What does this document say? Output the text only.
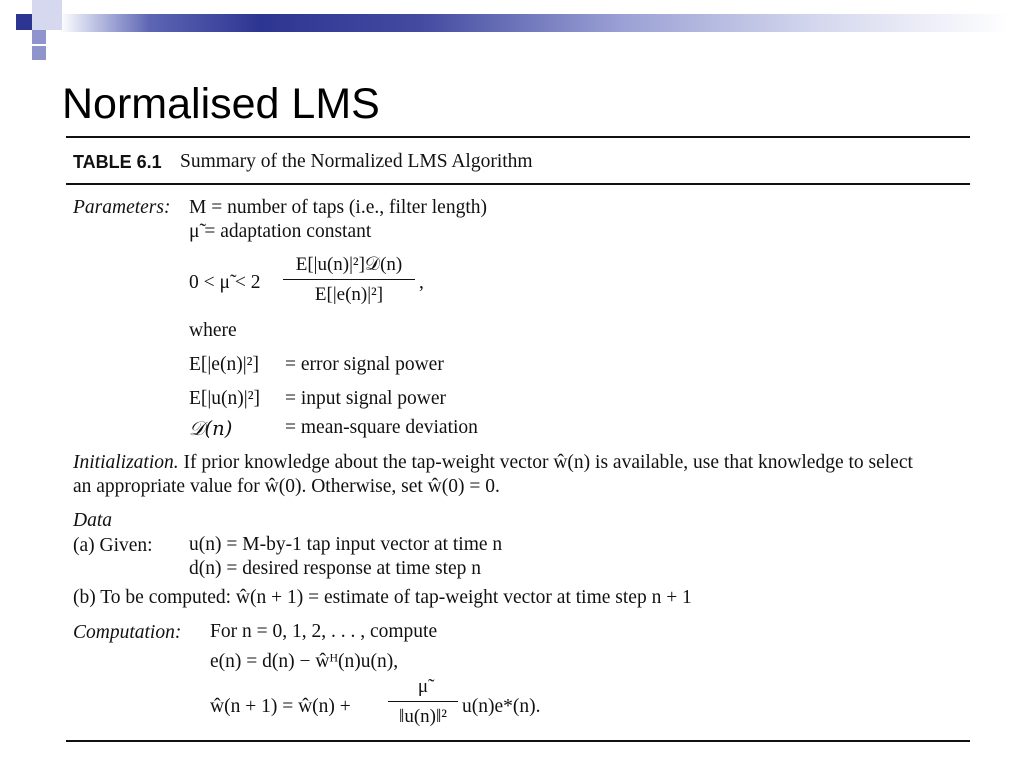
Normalised LMS
TABLE 6.1 Summary of the Normalized LMS Algorithm
Parameters: M = number of taps (i.e., filter length)
μ̃ = adaptation constant
0 < μ̃ < 2
E[|u(n)|²]𝒟(n)
E[|e(n)|²]
,
where
E[|e(n)|²] = error signal power
E[|u(n)|²] = input signal power
𝒟(n)	= mean-square deviation
Initialization. If prior knowledge about the tap-weight vector ŵ(n) is available, use that knowledge to select
an appropriate value for ŵ(0). Otherwise, set ŵ(0) = 0.
Data
(a) Given: u(n) = M-by-1 tap input vector at time n
d(n) = desired response at time step n
(b) To be computed: ŵ(n + 1) = estimate of tap-weight vector at time step n + 1
Computation: For n = 0, 1, 2, . . . , compute
e(n) = d(n) − ŵᴴ(n)u(n),
ŵ(n + 1) = ŵ(n) + $\frac{\mũ}{\text{‖u(n)‖²}} u(n)e*(n)$.
